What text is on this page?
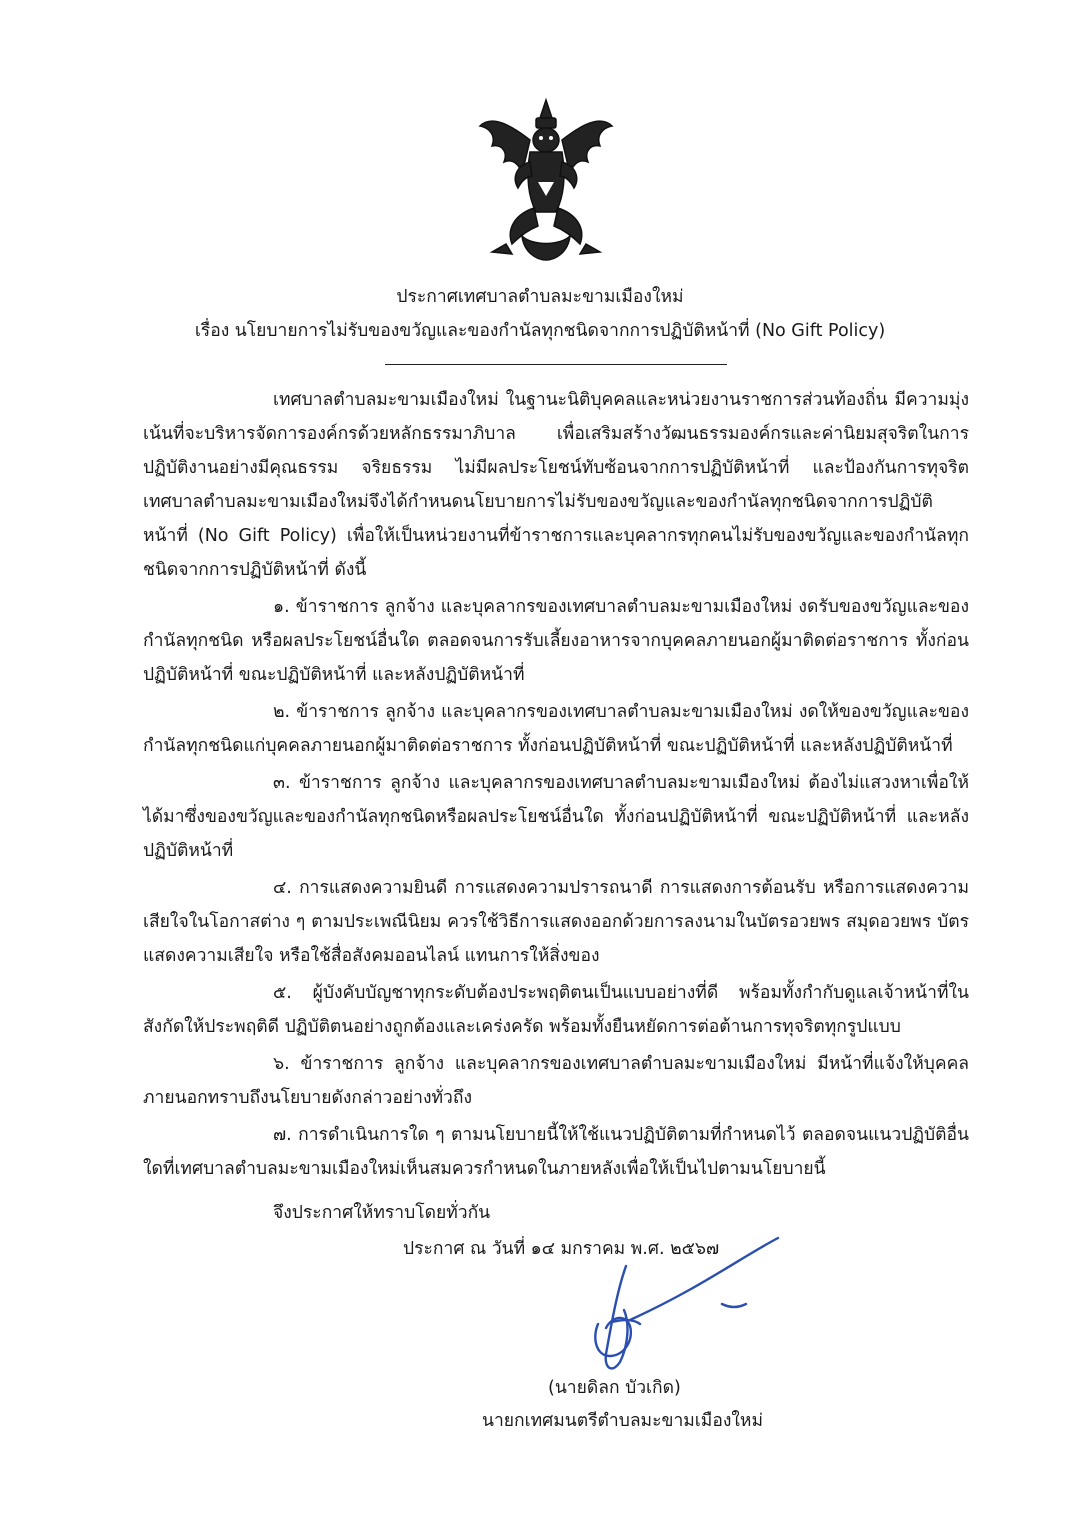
ประกาศเทศบาลตำบลมะขามเมืองใหม่
เรื่อง นโยบายการไม่รับของขวัญและของกำนัลทุกชนิดจากการปฏิบัติหน้าที่ (No Gift Policy)

เทศบาลตำบลมะขามเมืองใหม่ ในฐานะนิติบุคคลและหน่วยงานราชการส่วนท้องถิ่น มีความมุ่งเน้นที่จะบริหารจัดการองค์กรด้วยหลักธรรมาภิบาล เพื่อเสริมสร้างวัฒนธรรมองค์กรและค่านิยมสุจริตในการปฏิบัติงานอย่างมีคุณธรรม จริยธรรม ไม่มีผลประโยชน์ทับซ้อนจากการปฏิบัติหน้าที่ และป้องกันการทุจริต เทศบาลตำบลมะขามเมืองใหม่จึงได้กำหนดนโยบายการไม่รับของขวัญและของกำนัลทุกชนิดจากการปฏิบัติหน้าที่ (No Gift Policy) เพื่อให้เป็นหน่วยงานที่ข้าราชการและบุคลากรทุกคนไม่รับของขวัญและของกำนัลทุกชนิดจากการปฏิบัติหน้าที่ ดังนี้

๑. ข้าราชการ ลูกจ้าง และบุคลากรของเทศบาลตำบลมะขามเมืองใหม่ งดรับของขวัญและของกำนัลทุกชนิด หรือผลประโยชน์อื่นใด ตลอดจนการรับเลี้ยงอาหารจากบุคคลภายนอกผู้มาติดต่อราชการ ทั้งก่อนปฏิบัติหน้าที่ ขณะปฏิบัติหน้าที่ และหลังปฏิบัติหน้าที่

๒. ข้าราชการ ลูกจ้าง และบุคลากรของเทศบาลตำบลมะขามเมืองใหม่ งดให้ของขวัญและของกำนัลทุกชนิดแก่บุคคลภายนอกผู้มาติดต่อราชการ ทั้งก่อนปฏิบัติหน้าที่ ขณะปฏิบัติหน้าที่ และหลังปฏิบัติหน้าที่

๓. ข้าราชการ ลูกจ้าง และบุคลากรของเทศบาลตำบลมะขามเมืองใหม่ ต้องไม่แสวงหาเพื่อให้ได้มาซึ่งของขวัญและของกำนัลทุกชนิดหรือผลประโยชน์อื่นใด ทั้งก่อนปฏิบัติหน้าที่ ขณะปฏิบัติหน้าที่ และหลังปฏิบัติหน้าที่

๔. การแสดงความยินดี การแสดงความปรารถนาดี การแสดงการต้อนรับ หรือการแสดงความเสียใจในโอกาสต่าง ๆ ตามประเพณีนิยม ควรใช้วิธีการแสดงออกด้วยการลงนามในบัตรอวยพร สมุดอวยพร บัตรแสดงความเสียใจ หรือใช้สื่อสังคมออนไลน์ แทนการให้สิ่งของ

๕. ผู้บังคับบัญชาทุกระดับต้องประพฤติตนเป็นแบบอย่างที่ดี พร้อมทั้งกำกับดูแลเจ้าหน้าที่ในสังกัดให้ประพฤติดี ปฏิบัติตนอย่างถูกต้องและเคร่งครัด พร้อมทั้งยืนหยัดการต่อต้านการทุจริตทุกรูปแบบ

๖. ข้าราชการ ลูกจ้าง และบุคลากรของเทศบาลตำบลมะขามเมืองใหม่ มีหน้าที่แจ้งให้บุคคลภายนอกทราบถึงนโยบายดังกล่าวอย่างทั่วถึง

๗. การดำเนินการใด ๆ ตามนโยบายนี้ให้ใช้แนวปฏิบัติตามที่กำหนดไว้ ตลอดจนแนวปฏิบัติอื่นใดที่เทศบาลตำบลมะขามเมืองใหม่เห็นสมควรกำหนดในภายหลังเพื่อให้เป็นไปตามนโยบายนี้

จึงประกาศให้ทราบโดยทั่วกัน

ประกาศ ณ วันที่ ๑๔ มกราคม พ.ศ. ๒๕๖๗
(นายดิลก บัวเกิด)
นายกเทศมนตรีตำบลมะขามเมืองใหม่
